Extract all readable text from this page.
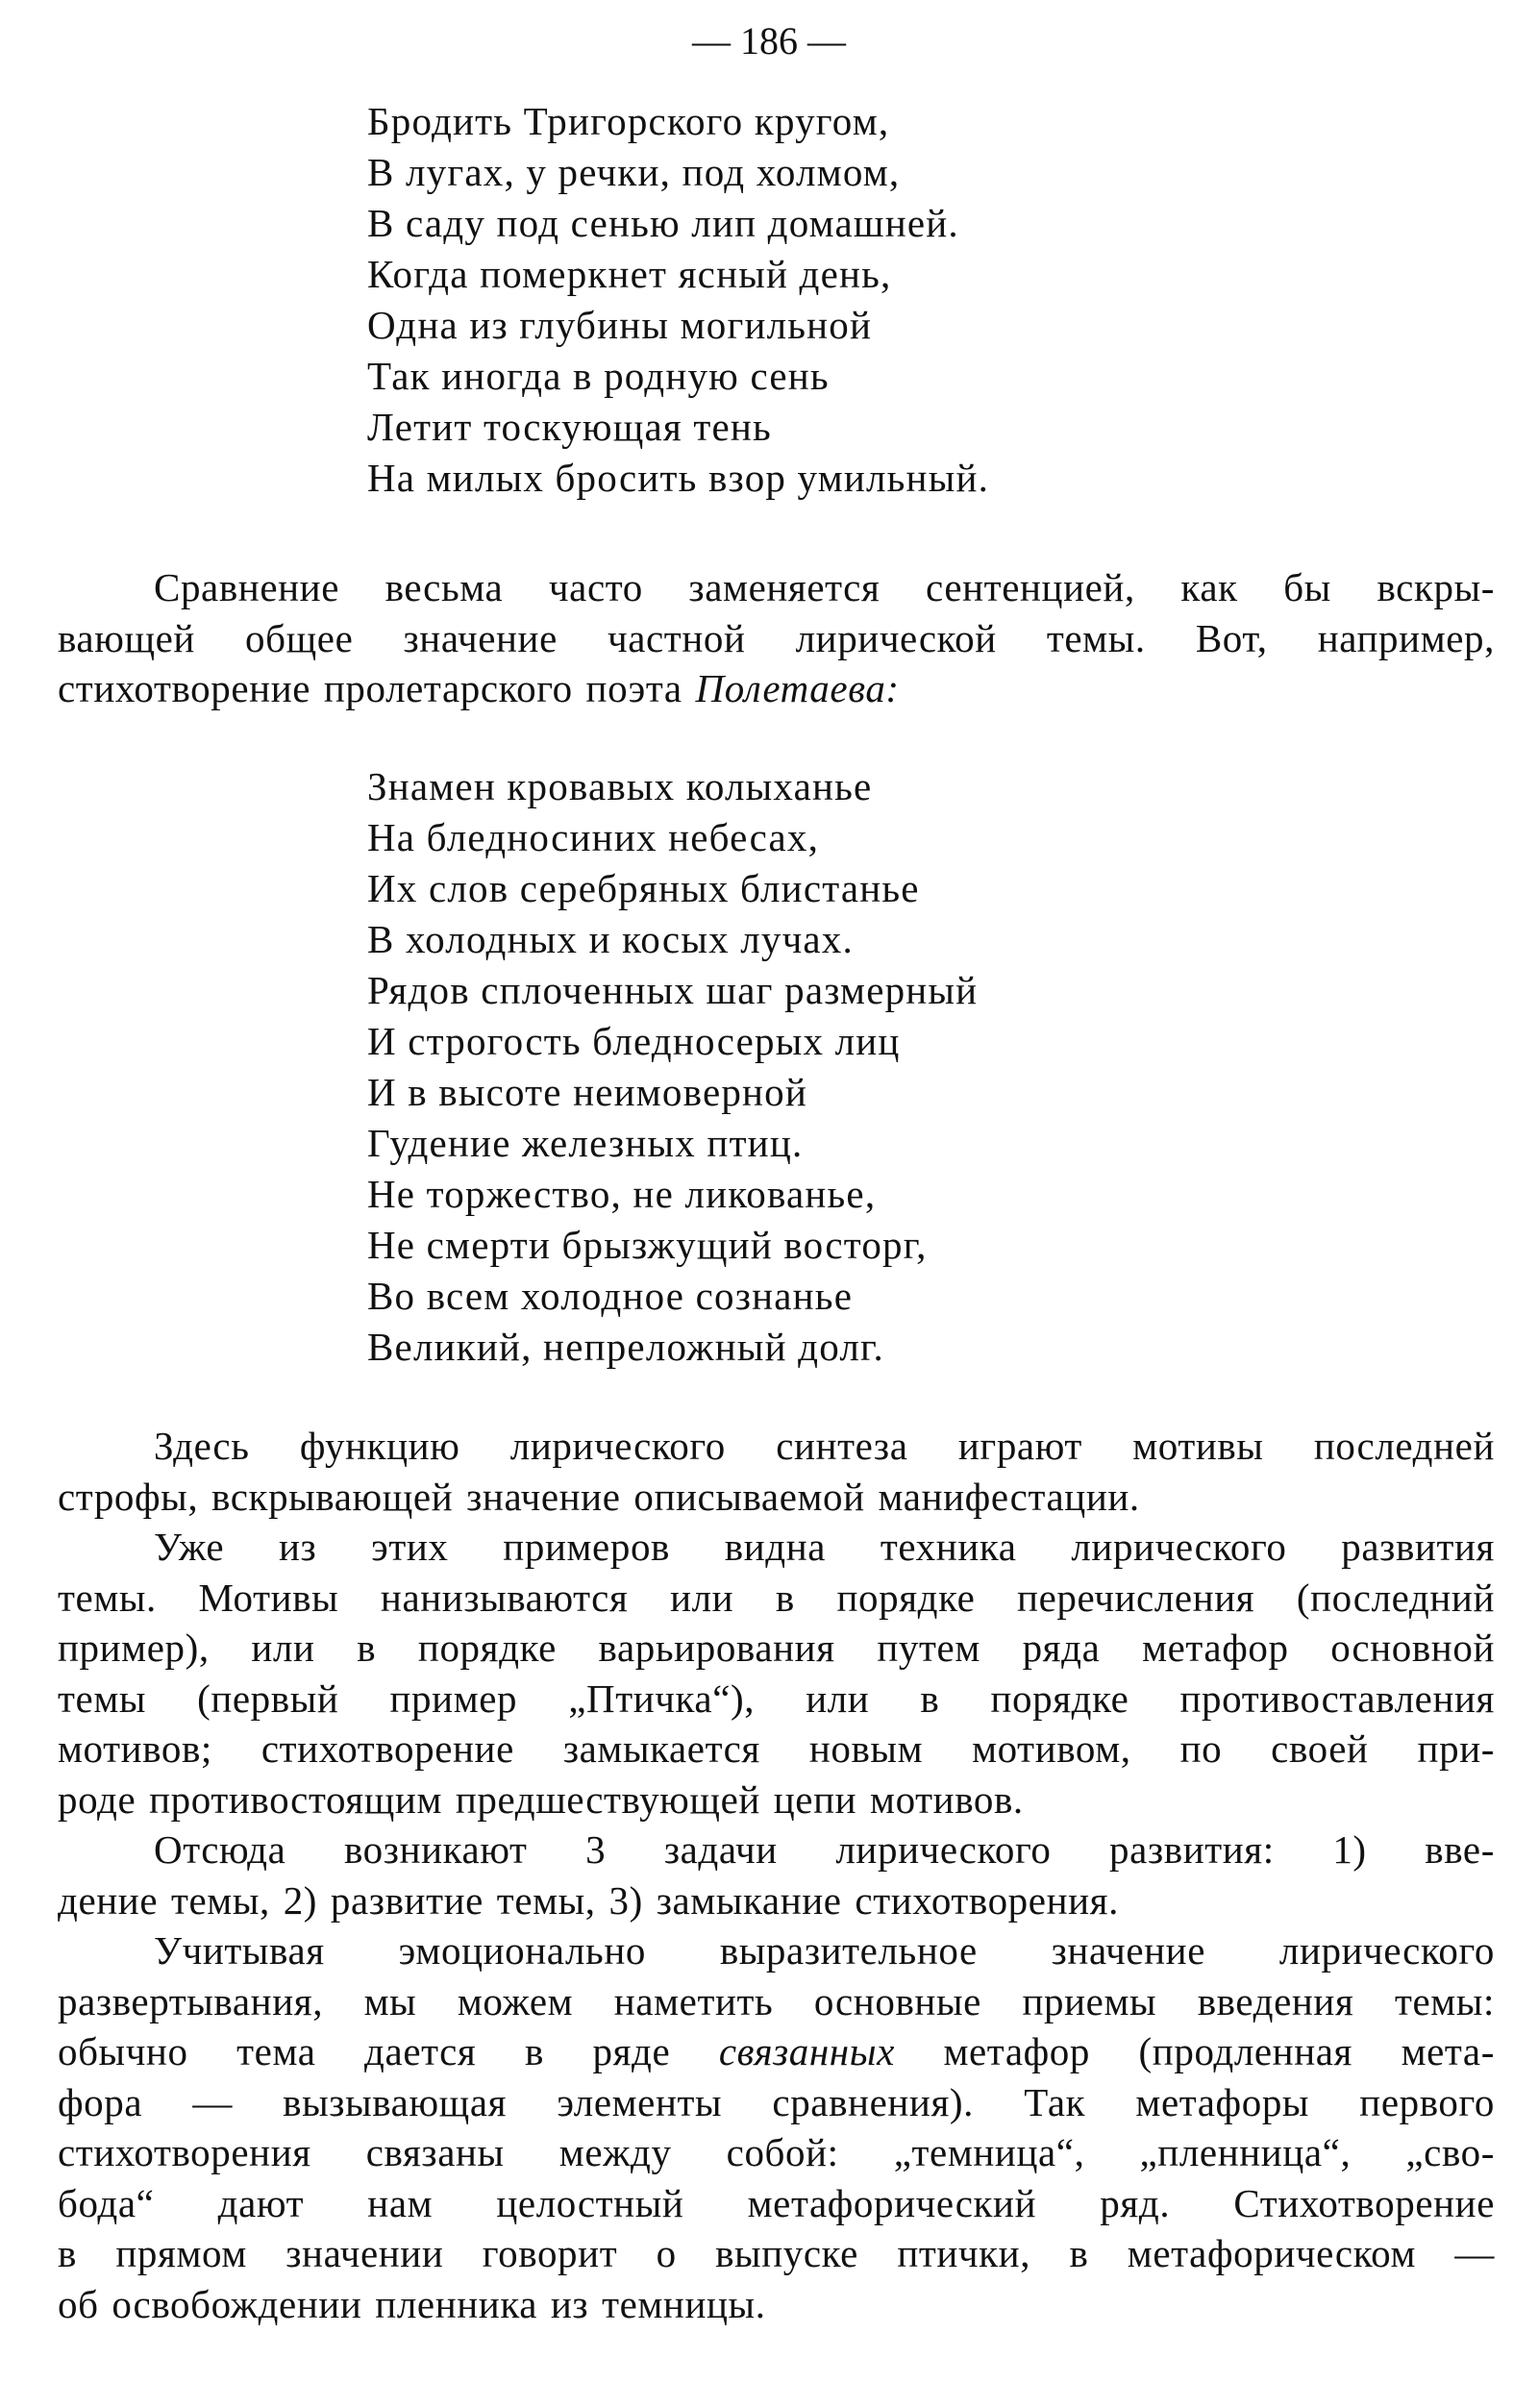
— 186 —
Бродить Тригорского кругом,
В лугах, у речки, под холмом,
В саду под сенью лип домашней.
Когда померкнет ясный день,
Одна из глубины могильной
Так иногда в родную сень
Летит тоскующая тень
На милых бросить взор умильный.

Сравнение весьма часто заменяется сентенцией, как бы вскры-
вающей общее значение частной лирической темы. Вот, например,
стихотворение пролетарского поэта Полетаева:

Знамен кровавых колыханье
На бледносиних небесах,
Их слов серебряных блистанье
В холодных и косых лучах.
Рядов сплоченных шаг размерный
И строгость бледносерых лиц
И в высоте неимоверной
Гудение железных птиц.
Не торжество, не ликованье,
Не смерти брызжущий восторг,
Во всем холодное сознанье
Великий, непреложный долг.

Здесь функцию лирического синтеза играют мотивы последней
строфы, вскрывающей значение описываемой манифестации.

Уже из этих примеров видна техника лирического развития
темы. Мотивы нанизываются или в порядке перечисления (последний
пример), или в порядке варьирования путем ряда метафор основной
темы (первый пример „Птичка“), или в порядке противоставления
мотивов; стихотворение замыкается новым мотивом, по своей при-
роде противостоящим предшествующей цепи мотивов.

Отсюда возникают 3 задачи лирического развития: 1) вве-
дение темы, 2) развитие темы, 3) замыкание стихотворения.

Учитывая эмоционально выразительное значение лирического
развертывания, мы можем наметить основные приемы введения темы:
обычно тема дается в ряде связанных метафор (продленная мета-
фора — вызывающая элементы сравнения). Так метафоры первого
стихотворения связаны между собой: „темница“, „пленница“, „сво-
бода“ дают нам целостный метафорический ряд. Стихотворение
в прямом значении говорит о выпуске птички, в метафорическом —
об освобождении пленника из темницы.
